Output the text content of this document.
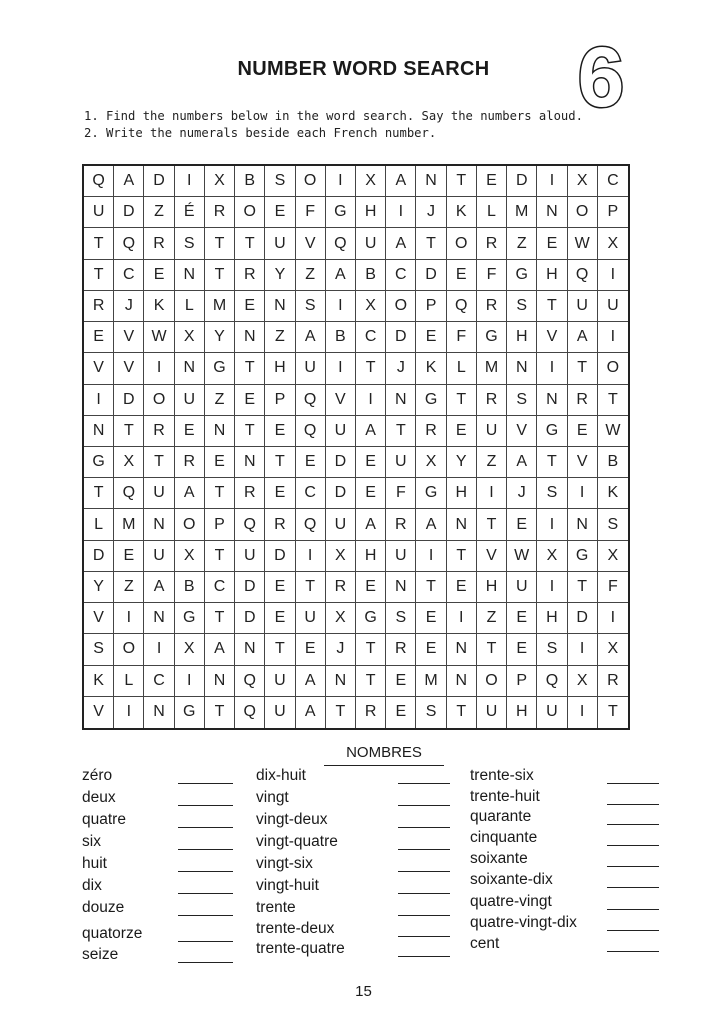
NUMBER WORD SEARCH	6
1. Find the numbers below in the word search. Say the numbers aloud.
2. Write the numerals beside each French number.
Q	A	D	I	X	B	S	O	I	X	A	N	T	E	D	I	X	C
U	D	Z	É	R	O	E	F	G	H	I	J	K	L	M	N	O	P
T	Q	R	S	T	T	U	V	Q	U	A	T	O	R	Z	E	W	X
T	C	E	N	T	R	Y	Z	A	B	C	D	E	F	G	H	Q	I
R	J	K	L	M	E	N	S	I	X	O	P	Q	R	S	T	U	U
E	V	W	X	Y	N	Z	A	B	C	D	E	F	G	H	V	A	I
V	V	I	N	G	T	H	U	I	T	J	K	L	M	N	I	T	O
I	D	O	U	Z	E	P	Q	V	I	N	G	T	R	S	N	R	T
N	T	R	E	N	T	E	Q	U	A	T	R	E	U	V	G	E	W
G	X	T	R	E	N	T	E	D	E	U	X	Y	Z	A	T	V	B
T	Q	U	A	T	R	E	C	D	E	F	G	H	I	J	S	I	K
L	M	N	O	P	Q	R	Q	U	A	R	A	N	T	E	I	N	S
D	E	U	X	T	U	D	I	X	H	U	I	T	V	W	X	G	X
Y	Z	A	B	C	D	E	T	R	E	N	T	E	H	U	I	T	F
V	I	N	G	T	D	E	U	X	G	S	E	I	Z	E	H	D	I
S	O	I	X	A	N	T	E	J	T	R	E	N	T	E	S	I	X
K	L	C	I	N	Q	U	A	N	T	E	M	N	O	P	Q	X	R
V	I	N	G	T	Q	U	A	T	R	E	S	T	U	H	U	I	T
NOMBRES
zéro
deux
quatre
six
huit
dix
douze
quatorze
seize
dix-huit
vingt
vingt-deux
vingt-quatre
vingt-six
vingt-huit
trente
trente-deux
trente-quatre
trente-six
trente-huit
quarante
cinquante
soixante
soixante-dix
quatre-vingt
quatre-vingt-dix
cent
15
